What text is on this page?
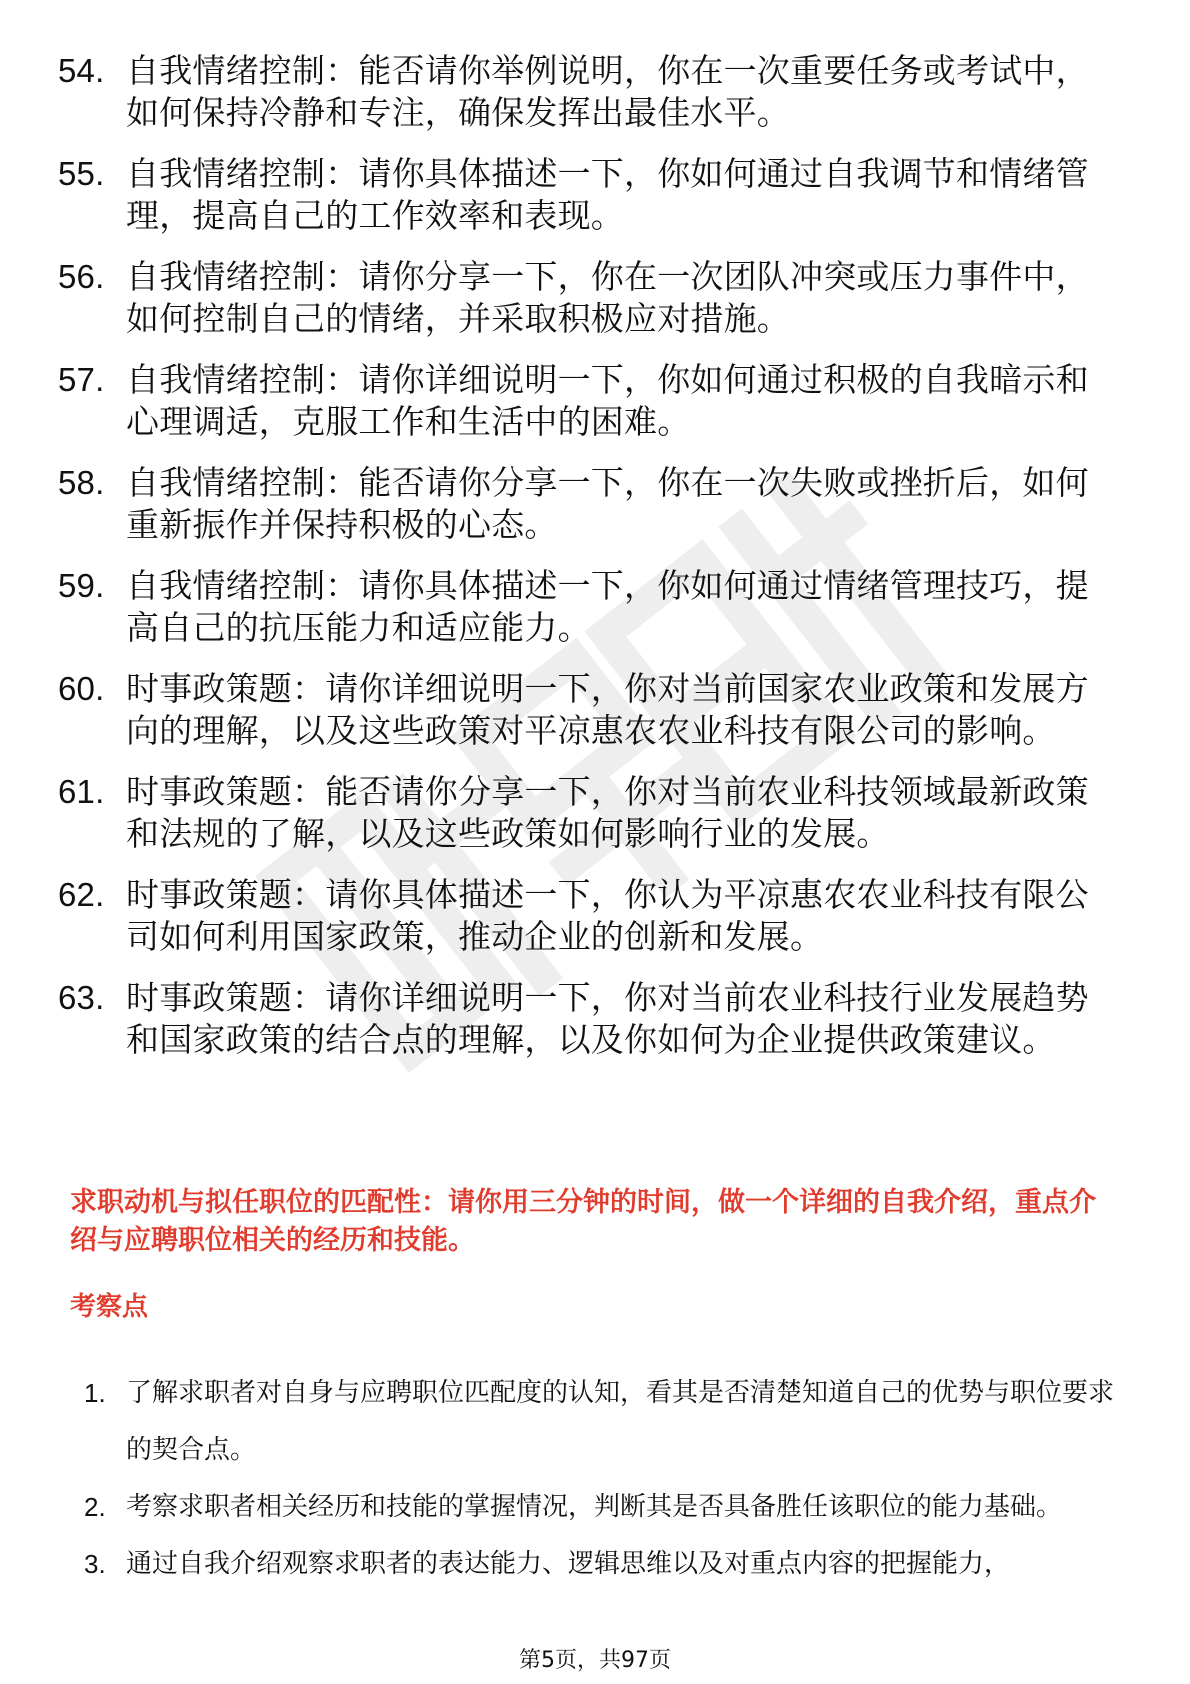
54. 自我情绪控制：能否请你举例说明，你在一次重要任务或考试中，如何保持冷静和专注，确保发挥出最佳水平。
55. 自我情绪控制：请你具体描述一下，你如何通过自我调节和情绪管理，提高自己的工作效率和表现。
56. 自我情绪控制：请你分享一下，你在一次团队冲突或压力事件中，如何控制自己的情绪，并采取积极应对措施。
57. 自我情绪控制：请你详细说明一下，你如何通过积极的自我暗示和心理调适，克服工作和生活中的困难。
58. 自我情绪控制：能否请你分享一下，你在一次失败或挫折后，如何重新振作并保持积极的心态。
59. 自我情绪控制：请你具体描述一下，你如何通过情绪管理技巧，提高自己的抗压能力和适应能力。
60. 时事政策题：请你详细说明一下，你对当前国家农业政策和发展方向的理解，以及这些政策对平凉惠农农业科技有限公司的影响。
61. 时事政策题：能否请你分享一下，你对当前农业科技领域最新政策和法规的了解，以及这些政策如何影响行业的发展。
62. 时事政策题：请你具体描述一下，你认为平凉惠农农业科技有限公司如何利用国家政策，推动企业的创新和发展。
63. 时事政策题：请你详细说明一下，你对当前农业科技行业发展趋势和国家政策的结合点的理解，以及你如何为企业提供政策建议。
求职动机与拟任职位的匹配性：请你用三分钟的时间，做一个详细的自我介绍，重点介绍与应聘职位相关的经历和技能。
考察点
1. 了解求职者对自身与应聘职位匹配度的认知，看其是否清楚知道自己的优势与职位要求的契合点。
2. 考察求职者相关经历和技能的掌握情况，判断其是否具备胜任该职位的能力基础。
3. 通过自我介绍观察求职者的表达能力、逻辑思维以及对重点内容的把握能力，
第5页，共97页
